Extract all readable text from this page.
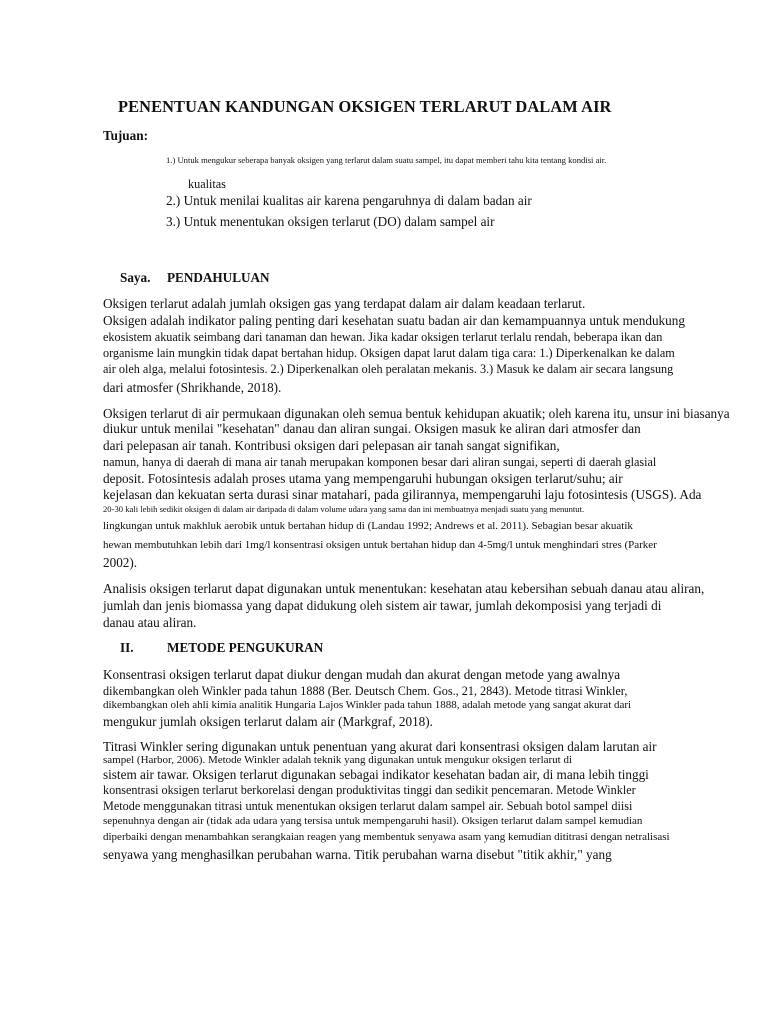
PENENTUAN KANDUNGAN OKSIGEN TERLARUT DALAM AIR
Tujuan:
1.) Untuk mengukur seberapa banyak oksigen yang terlarut dalam suatu sampel, itu dapat memberi tahu kita tentang kondisi air.
kualitas
2.) Untuk menilai kualitas air karena pengaruhnya di dalam badan air
3.) Untuk menentukan oksigen terlarut (DO) dalam sampel air
Saya. PENDAHULUAN
Oksigen terlarut adalah jumlah oksigen gas yang terdapat dalam air dalam keadaan terlarut.
Oksigen adalah indikator paling penting dari kesehatan suatu badan air dan kemampuannya untuk mendukung
ekosistem akuatik seimbang dari tanaman dan hewan. Jika kadar oksigen terlarut terlalu rendah, beberapa ikan dan
organisme lain mungkin tidak dapat bertahan hidup. Oksigen dapat larut dalam tiga cara: 1.) Diperkenalkan ke dalam
air oleh alga, melalui fotosintesis. 2.) Diperkenalkan oleh peralatan mekanis. 3.) Masuk ke dalam air secara langsung
dari atmosfer (Shrikhande, 2018).
Oksigen terlarut di air permukaan digunakan oleh semua bentuk kehidupan akuatik; oleh karena itu, unsur ini biasanya
diukur untuk menilai "kesehatan" danau dan aliran sungai. Oksigen masuk ke aliran dari atmosfer dan
dari pelepasan air tanah. Kontribusi oksigen dari pelepasan air tanah sangat signifikan,
namun, hanya di daerah di mana air tanah merupakan komponen besar dari aliran sungai, seperti di daerah glasial
deposit. Fotosintesis adalah proses utama yang mempengaruhi hubungan oksigen terlarut/suhu; air
kejelasan dan kekuatan serta durasi sinar matahari, pada gilirannya, mempengaruhi laju fotosintesis (USGS). Ada
20-30 kali lebih sedikit oksigen di dalam air daripada di dalam volume udara yang sama dan ini membuatnya menjadi suatu yang menuntut.
lingkungan untuk makhluk aerobik untuk bertahan hidup di (Landau 1992; Andrews et al. 2011). Sebagian besar akuatik
hewan membutuhkan lebih dari 1mg/l konsentrasi oksigen untuk bertahan hidup dan 4-5mg/l untuk menghindari stres (Parker
2002).
Analisis oksigen terlarut dapat digunakan untuk menentukan: kesehatan atau kebersihan sebuah danau atau aliran,
jumlah dan jenis biomassa yang dapat didukung oleh sistem air tawar, jumlah dekomposisi yang terjadi di
danau atau aliran.
II.	METODE PENGUKURAN
Konsentrasi oksigen terlarut dapat diukur dengan mudah dan akurat dengan metode yang awalnya
dikembangkan oleh Winkler pada tahun 1888 (Ber. Deutsch Chem. Gos., 21, 2843). Metode titrasi Winkler,
dikembangkan oleh ahli kimia analitik Hungaria Lajos Winkler pada tahun 1888, adalah metode yang sangat akurat dari
mengukur jumlah oksigen terlarut dalam air (Markgraf, 2018).
Titrasi Winkler sering digunakan untuk penentuan yang akurat dari konsentrasi oksigen dalam larutan air
sampel (Harbor, 2006). Metode Winkler adalah teknik yang digunakan untuk mengukur oksigen terlarut di
sistem air tawar. Oksigen terlarut digunakan sebagai indikator kesehatan badan air, di mana lebih tinggi
konsentrasi oksigen terlarut berkorelasi dengan produktivitas tinggi dan sedikit pencemaran. Metode Winkler
Metode menggunakan titrasi untuk menentukan oksigen terlarut dalam sampel air. Sebuah botol sampel diisi
sepenuhnya dengan air (tidak ada udara yang tersisa untuk mempengaruhi hasil). Oksigen terlarut dalam sampel kemudian
diperbaiki dengan menambahkan serangkaian reagen yang membentuk senyawa asam yang kemudian dititrasi dengan netralisasi
senyawa yang menghasilkan perubahan warna. Titik perubahan warna disebut "titik akhir," yang
